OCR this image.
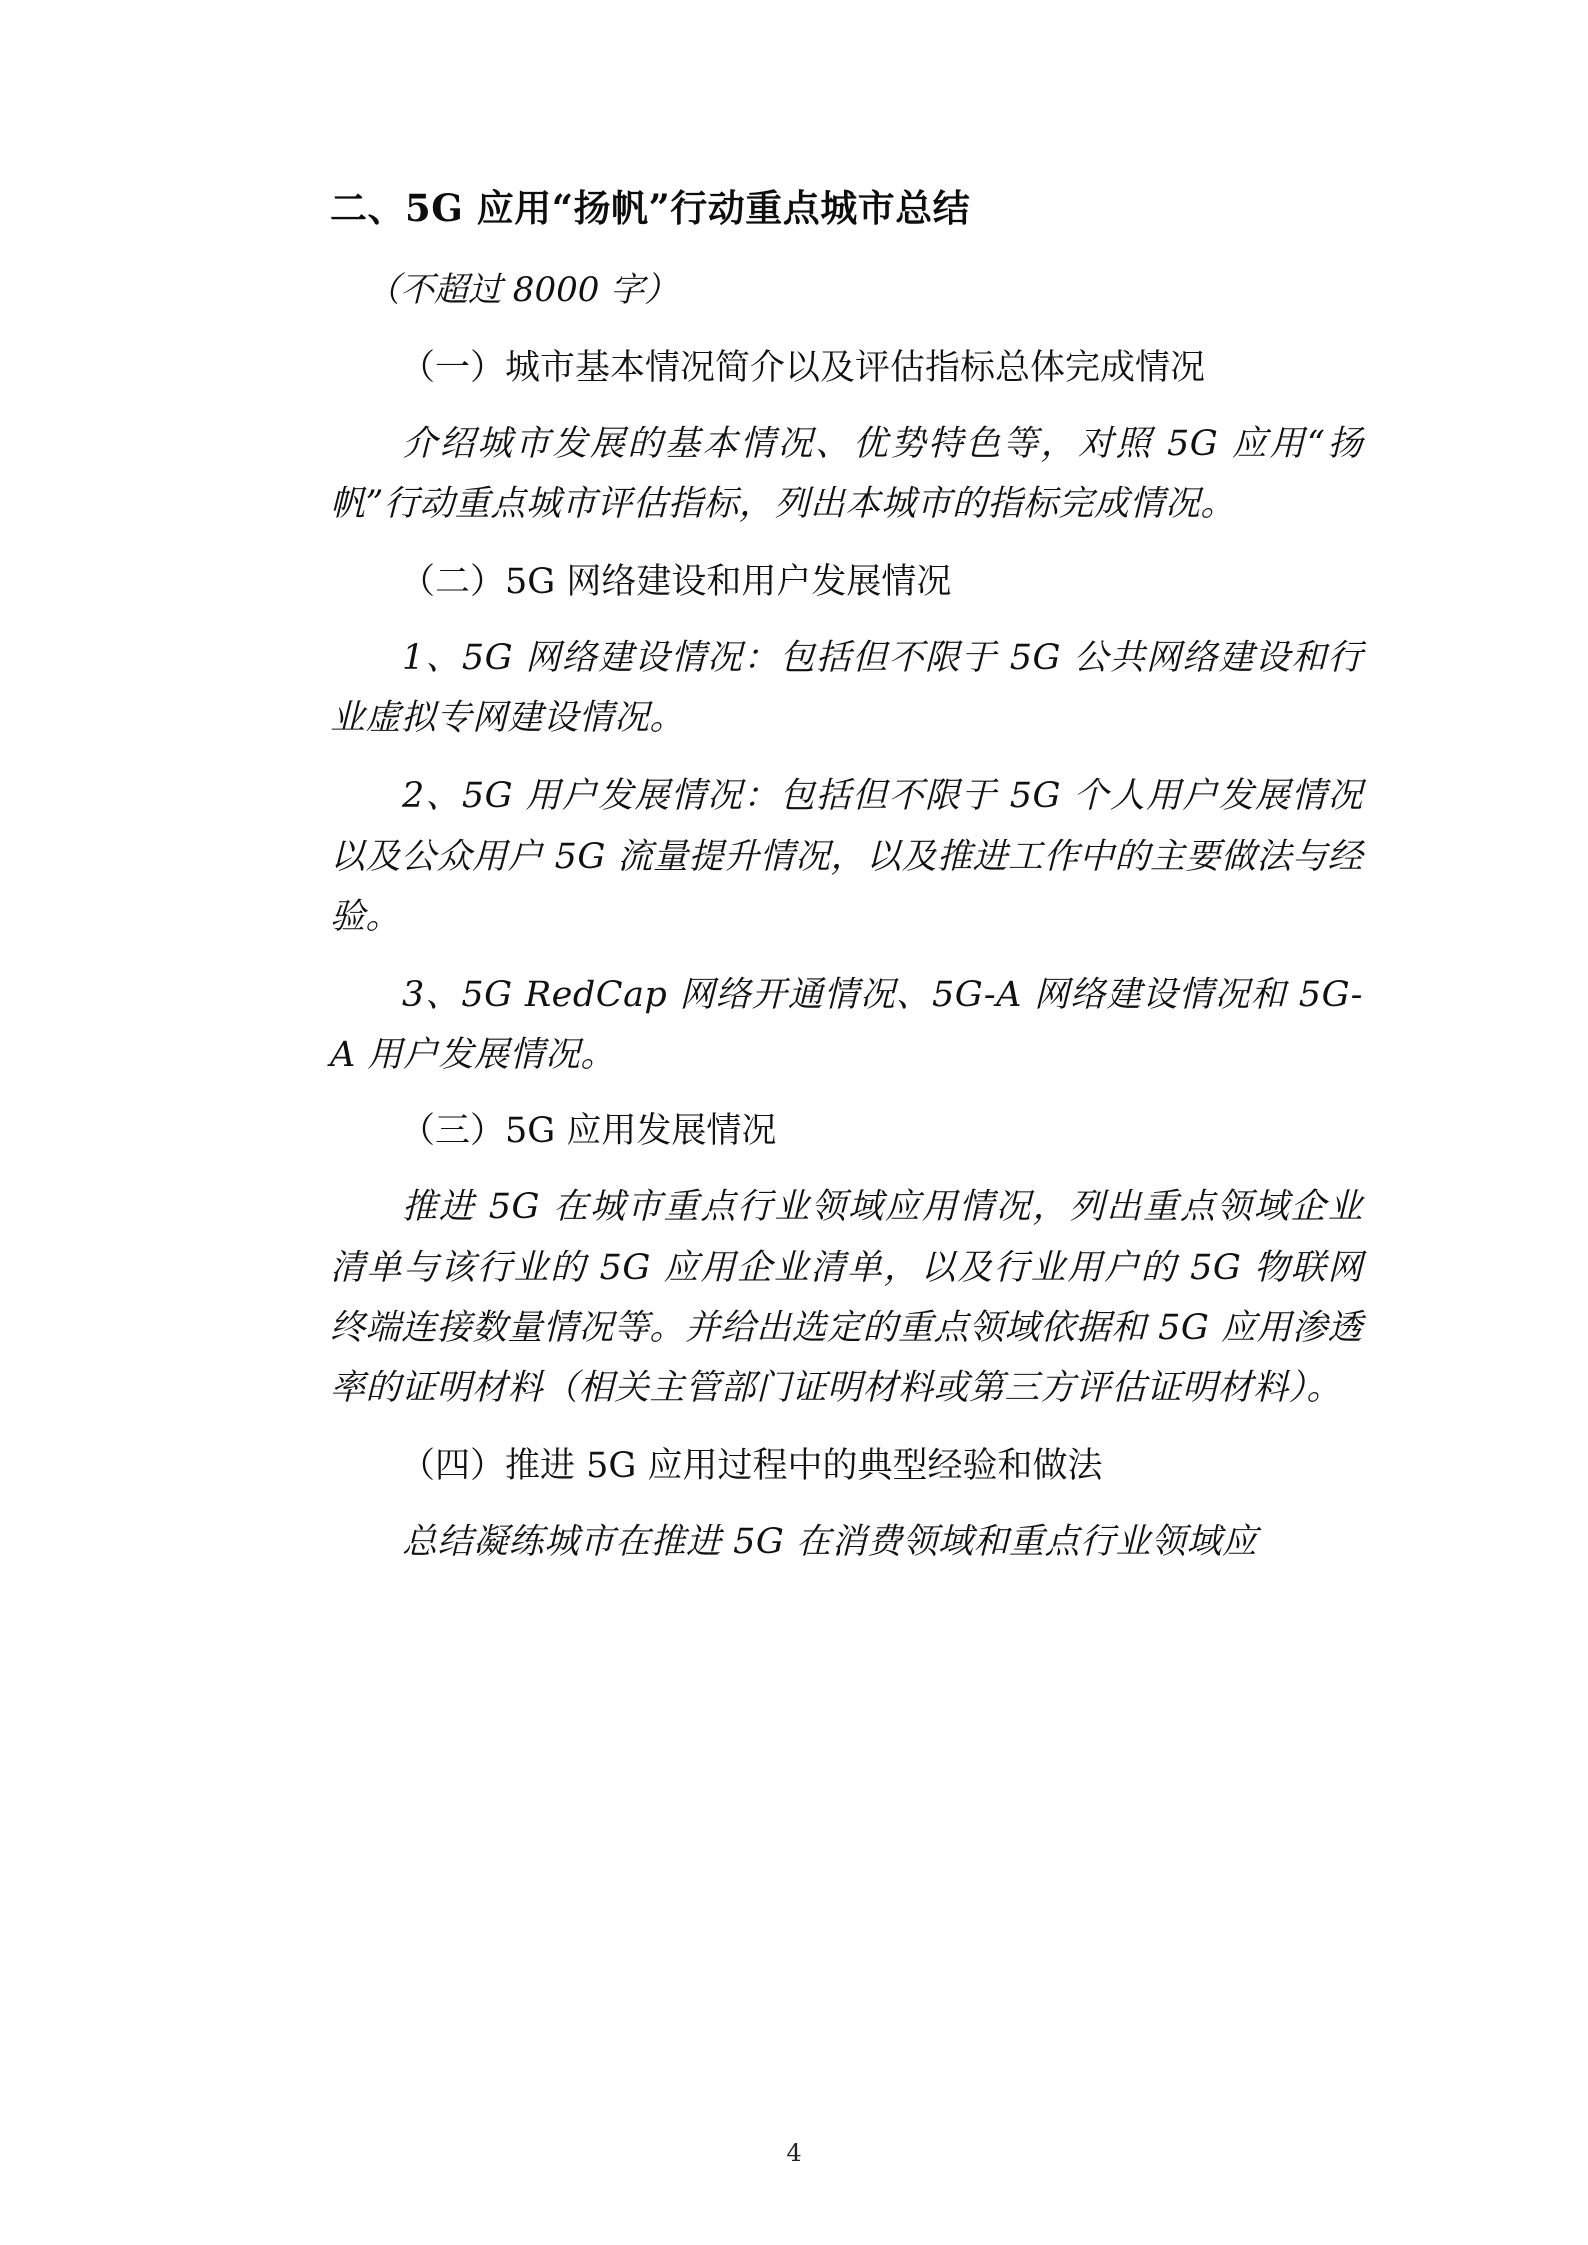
二、5G 应用“扬帆”行动重点城市总结

（不超过 8000 字）

（一）城市基本情况简介以及评估指标总体完成情况

介绍城市发展的基本情况、优势特色等，对照 5G 应用“扬帆”行动重点城市评估指标，列出本城市的指标完成情况。

（二）5G 网络建设和用户发展情况

1、5G 网络建设情况：包括但不限于 5G 公共网络建设和行业虚拟专网建设情况。

2、5G 用户发展情况：包括但不限于 5G 个人用户发展情况以及公众用户 5G 流量提升情况，以及推进工作中的主要做法与经验。

3、5G RedCap 网络开通情况、5G-A 网络建设情况和 5G-A 用户发展情况。

（三）5G 应用发展情况

推进 5G 在城市重点行业领域应用情况，列出重点领域企业清单与该行业的 5G 应用企业清单，以及行业用户的 5G 物联网终端连接数量情况等。并给出选定的重点领域依据和 5G 应用渗透率的证明材料（相关主管部门证明材料或第三方评估证明材料）。

（四）推进 5G 应用过程中的典型经验和做法

总结凝练城市在推进 5G 在消费领域和重点行业领域应

4
